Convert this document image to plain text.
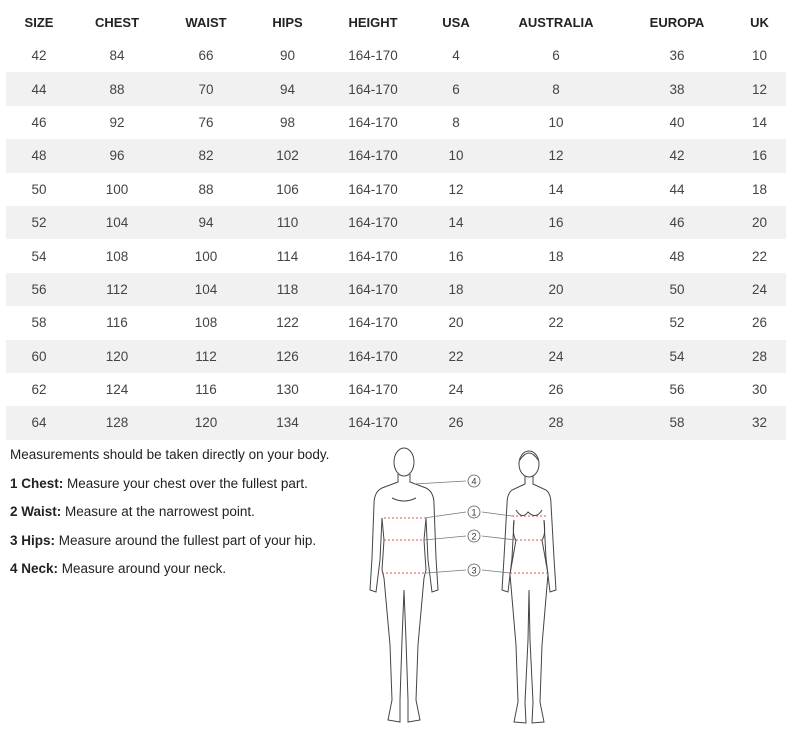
SIZE	CHEST	WAIST	HIPS	HEIGHT	USA	AUSTRALIA	EUROPA	UK
42	84	66	90	164-170	4	6	36	10
44	88	70	94	164-170	6	8	38	12
46	92	76	98	164-170	8	10	40	14
48	96	82	102	164-170	10	12	42	16
50	100	88	106	164-170	12	14	44	18
52	104	94	110	164-170	14	16	46	20
54	108	100	114	164-170	16	18	48	22
56	112	104	118	164-170	18	20	50	24
58	116	108	122	164-170	20	22	52	26
60	120	112	126	164-170	22	24	54	28
62	124	116	130	164-170	24	26	56	30
64	128	120	134	164-170	26	28	58	32

Measurements should be taken directly on your body.

1 Chest: Measure your chest over the fullest part.

2 Waist: Measure at the narrowest point.

3 Hips: Measure around the fullest part of your hip.

4 Neck: Measure around your neck.

4
1
2
3
